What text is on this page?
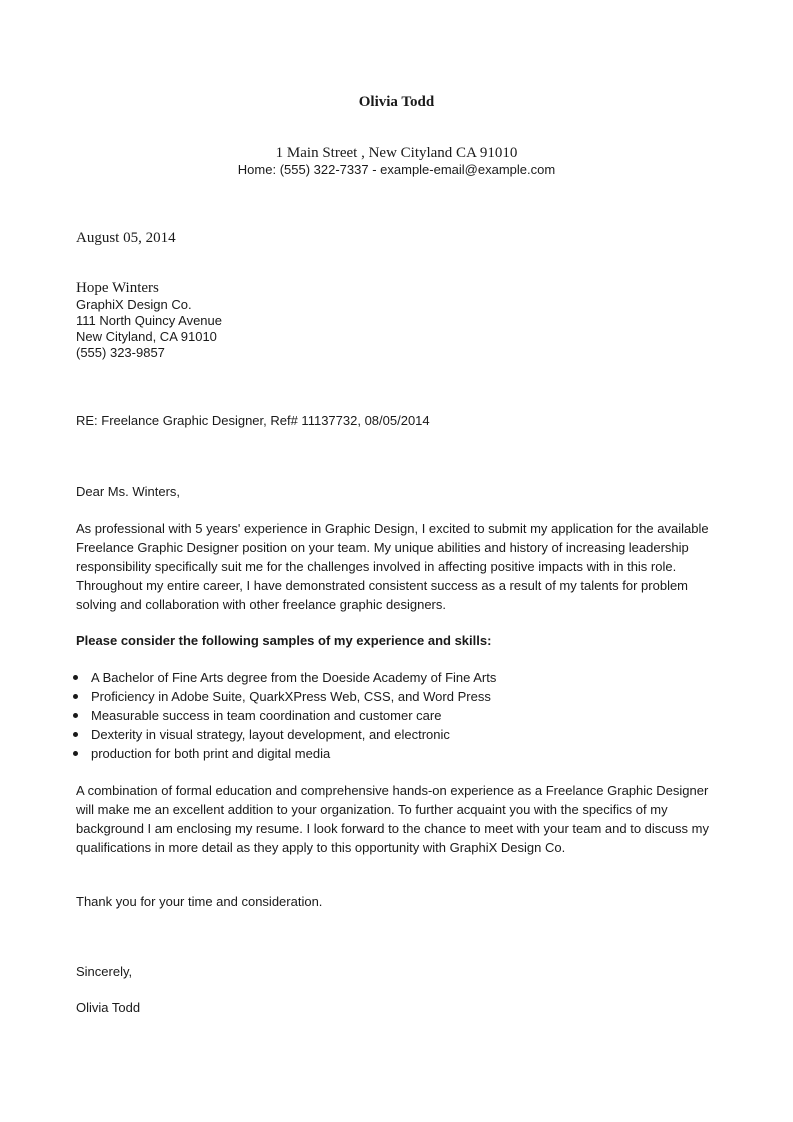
Olivia Todd
1 Main Street , New Cityland CA 91010
Home: (555) 322-7337 - example-email@example.com
August 05, 2014
Hope Winters
GraphiX Design Co.
111 North Quincy Avenue
New Cityland, CA 91010
(555) 323-9857
RE: Freelance Graphic Designer, Ref# 11137732, 08/05/2014
Dear Ms. Winters,

As professional with 5 years' experience in Graphic Design, I excited to submit my application for the available Freelance Graphic Designer position on your team. My unique abilities and history of increasing leadership responsibility specifically suit me for the challenges involved in affecting positive impacts with in this role. Throughout my entire career, I have demonstrated consistent success as a result of my talents for problem solving and collaboration with other freelance graphic designers.

Please consider the following samples of my experience and skills:
A Bachelor of Fine Arts degree from the Doeside Academy of Fine Arts
Proficiency in Adobe Suite, QuarkXPress Web, CSS, and Word Press
Measurable success in team coordination and customer care
Dexterity in visual strategy, layout development, and electronic
production for both print and digital media

A combination of formal education and comprehensive hands-on experience as a Freelance Graphic Designer will make me an excellent addition to your organization. To further acquaint you with the specifics of my background I am enclosing my resume. I look forward to the chance to meet with your team and to discuss my qualifications in more detail as they apply to this opportunity with GraphiX Design Co.

Thank you for your time and consideration.
Sincerely,
Olivia Todd
